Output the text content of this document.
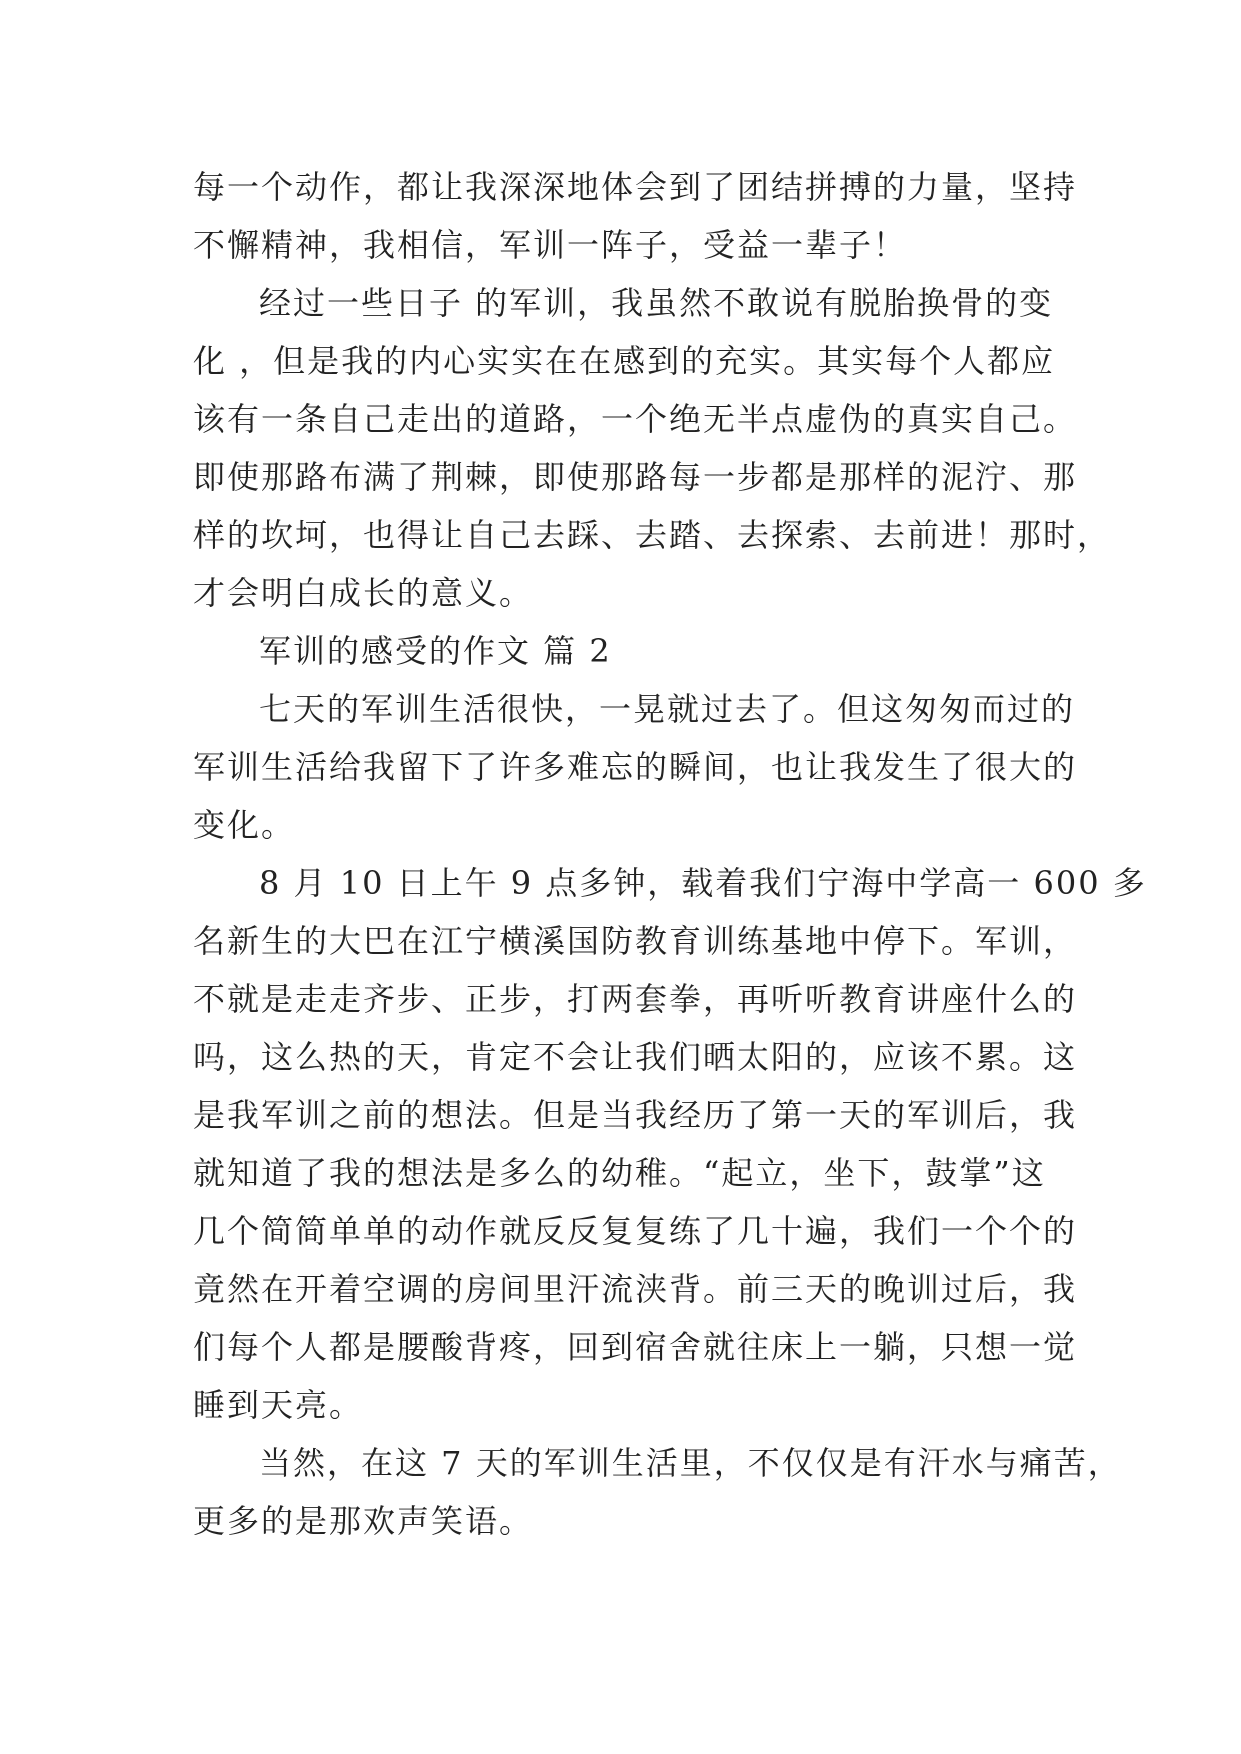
每一个动作，都让我深深地体会到了团结拼搏的力量，坚持
不懈精神，我相信，军训一阵子，受益一辈子！
经过一些日子 的军训，我虽然不敢说有脱胎换骨的变
化 ，但是我的内心实实在在感到的充实。其实每个人都应
该有一条自己走出的道路，一个绝无半点虚伪的真实自己。
即使那路布满了荆棘，即使那路每一步都是那样的泥泞、那
样的坎坷，也得让自己去踩、去踏、去探索、去前进！那时，
才会明白成长的意义。
军训的感受的作文 篇 2
七天的军训生活很快，一晃就过去了。但这匆匆而过的
军训生活给我留下了许多难忘的瞬间，也让我发生了很大的
变化。
8 月 10 日上午 9 点多钟，载着我们宁海中学高一 600 多
名新生的大巴在江宁横溪国防教育训练基地中停下。军训，
不就是走走齐步、正步，打两套拳，再听听教育讲座什么的
吗，这么热的天，肯定不会让我们晒太阳的，应该不累。这
是我军训之前的想法。但是当我经历了第一天的军训后，我
就知道了我的想法是多么的幼稚。“起立，坐下，鼓掌”这
几个简简单单的动作就反反复复练了几十遍，我们一个个的
竟然在开着空调的房间里汗流浃背。前三天的晚训过后，我
们每个人都是腰酸背疼，回到宿舍就往床上一躺，只想一觉
睡到天亮。
当然，在这 7 天的军训生活里，不仅仅是有汗水与痛苦，
更多的是那欢声笑语。
